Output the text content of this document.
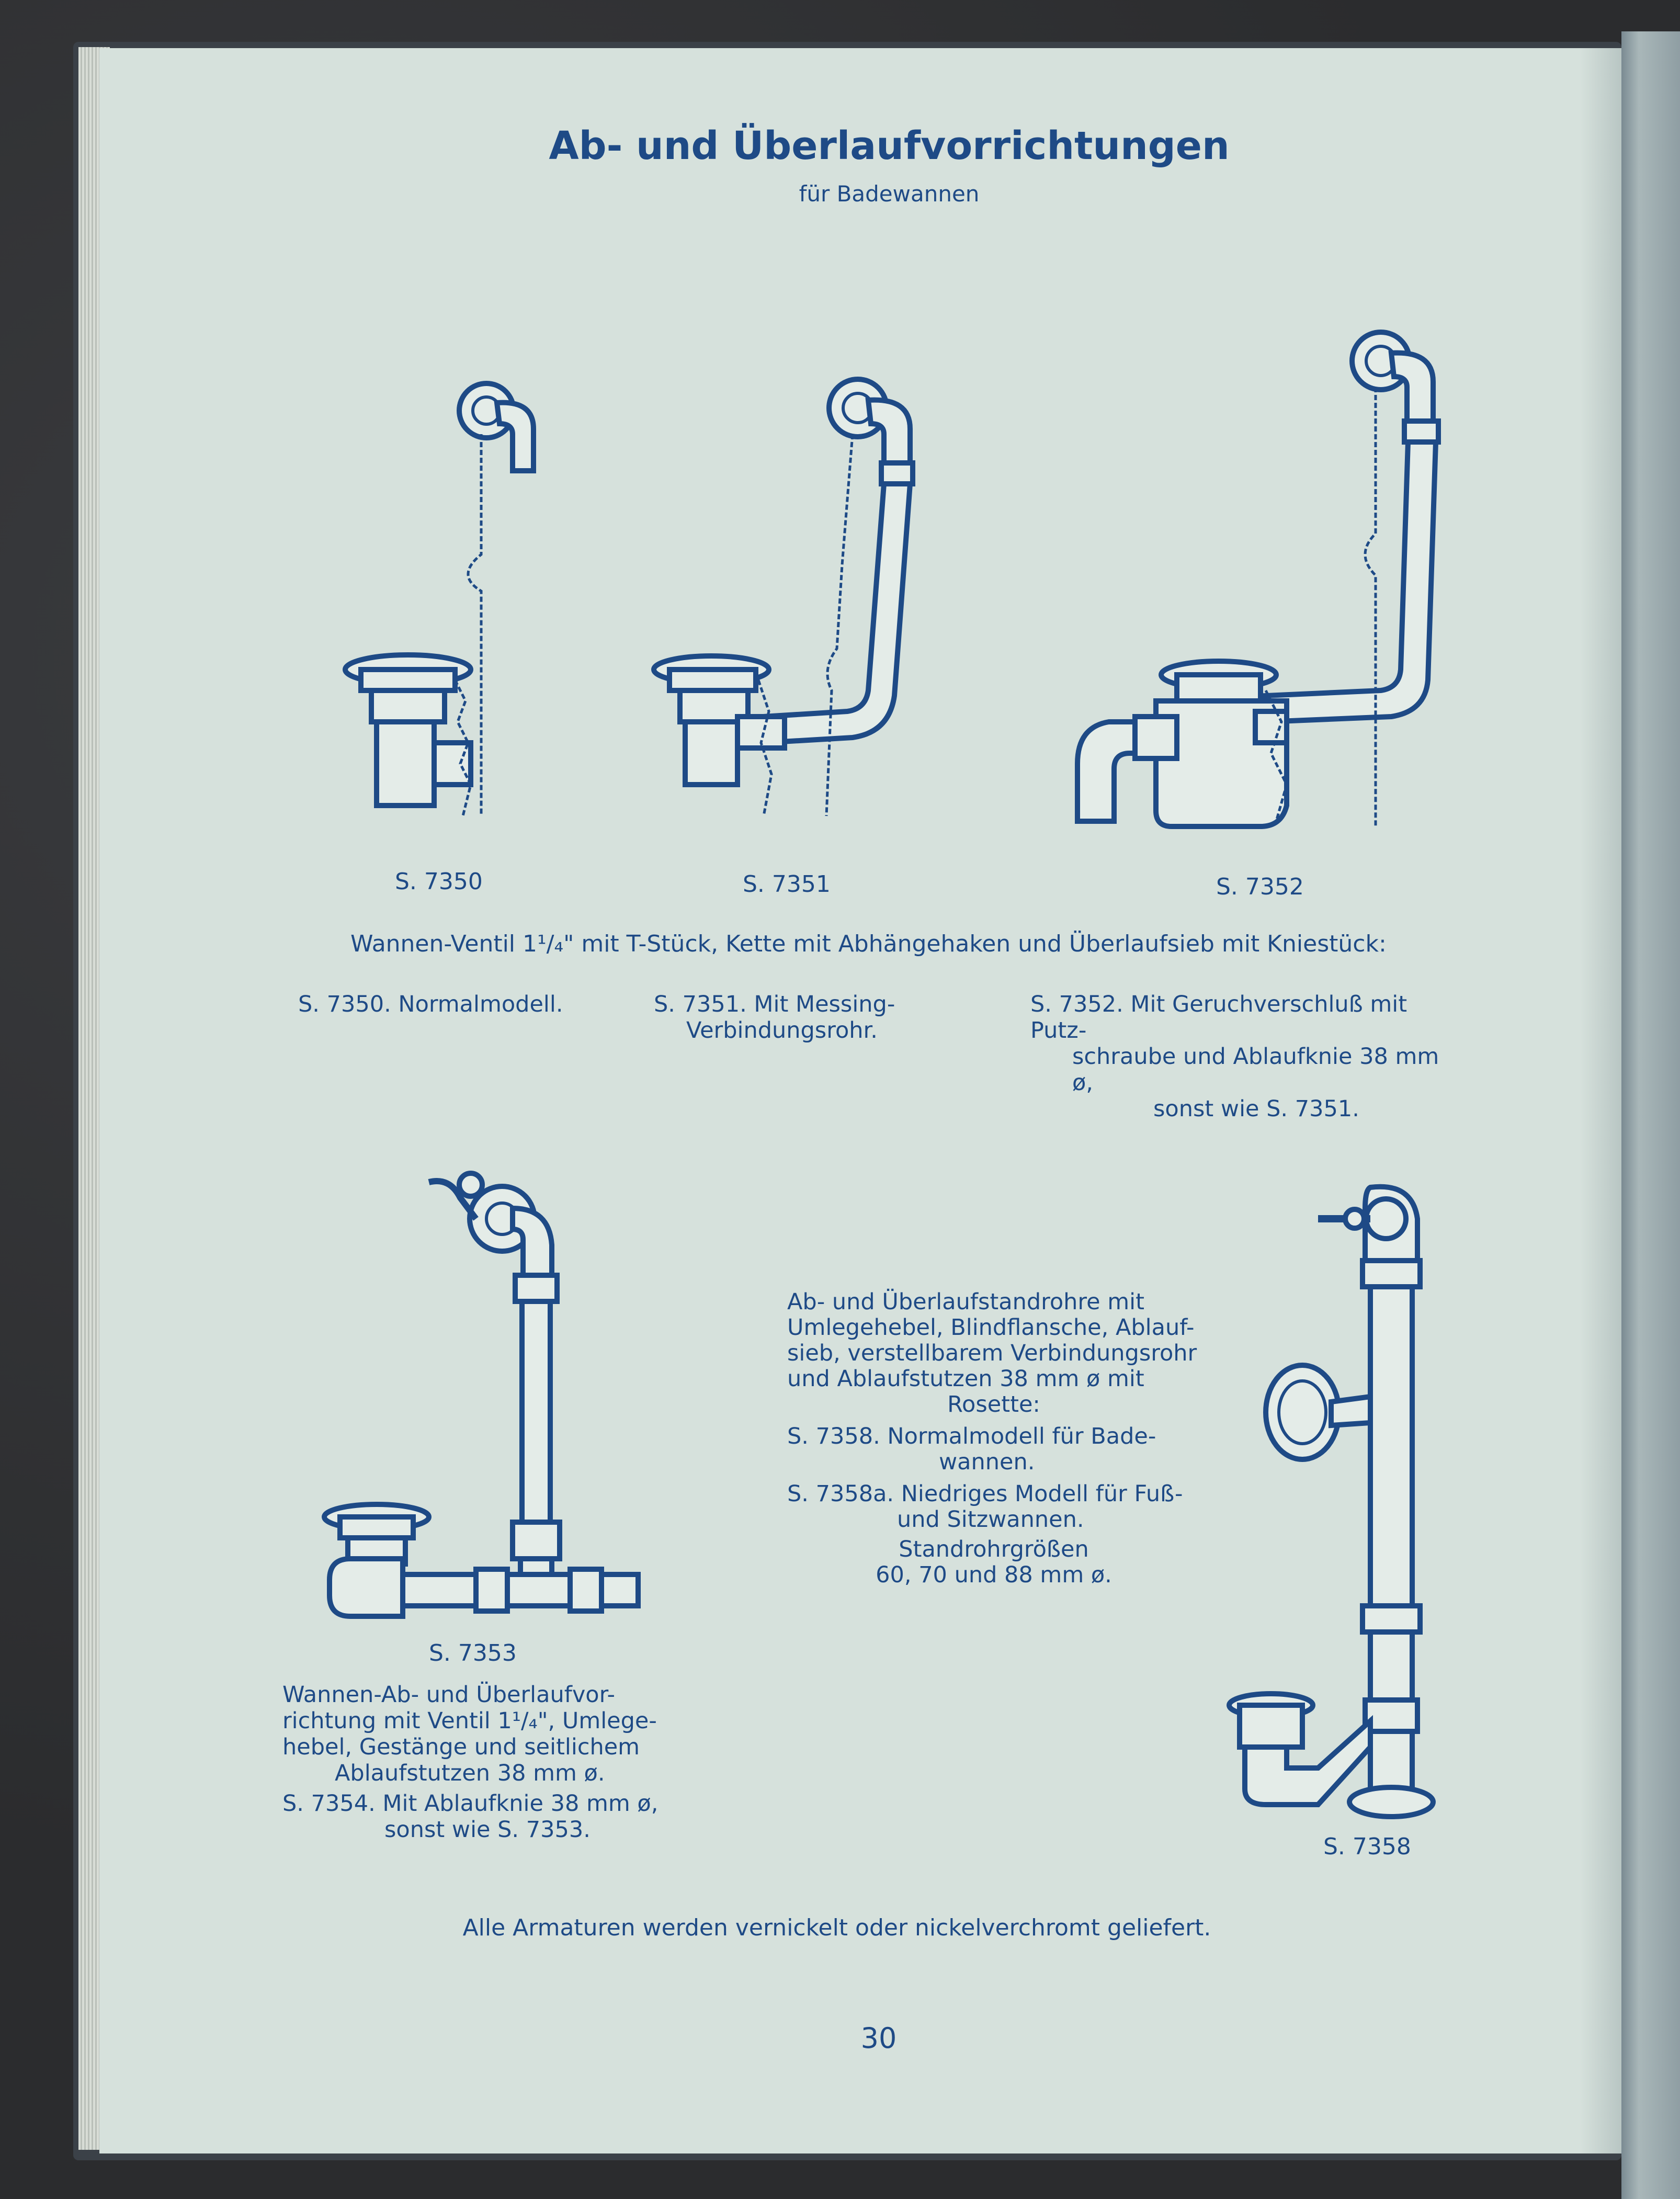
Ab- und Überlaufvorrichtungen

für Badewannen

S. 7350	S. 7351	S. 7352
S. 7353
S. 7358
Wannen-Ventil 1¹/₄" mit T-Stück, Kette mit Abhängehaken und Überlaufsieb mit Kniestück:
S. 7350. Normalmodell.	S. 7351. Mit Messing-
Verbindungsrohr.
S. 7352. Mit Geruchverschluß mit Putz-
schraube und Ablaufknie 38 mm ø,
sonst wie S. 7351.
Wannen-Ab- und Überlaufvor-
richtung mit Ventil 1¹/₄", Umlege-
hebel, Gestänge und seitlichem
Ablaufstutzen 38 mm ø.
S. 7354. Mit Ablaufknie 38 mm ø,
sonst wie S. 7353.
Ab- und Überlaufstandrohre mit
Umlegehebel, Blindflansche, Ablauf-
sieb, verstellbarem Verbindungsrohr
und Ablaufstutzen 38 mm ø mit
Rosette:
S. 7358. Normalmodell für Bade-
wannen.
S. 7358a. Niedriges Modell für Fuß-
und Sitzwannen.
Standrohrgrößen
60, 70 und 88 mm ø.
Alle Armaturen werden vernickelt oder nickelverchromt geliefert.
30
